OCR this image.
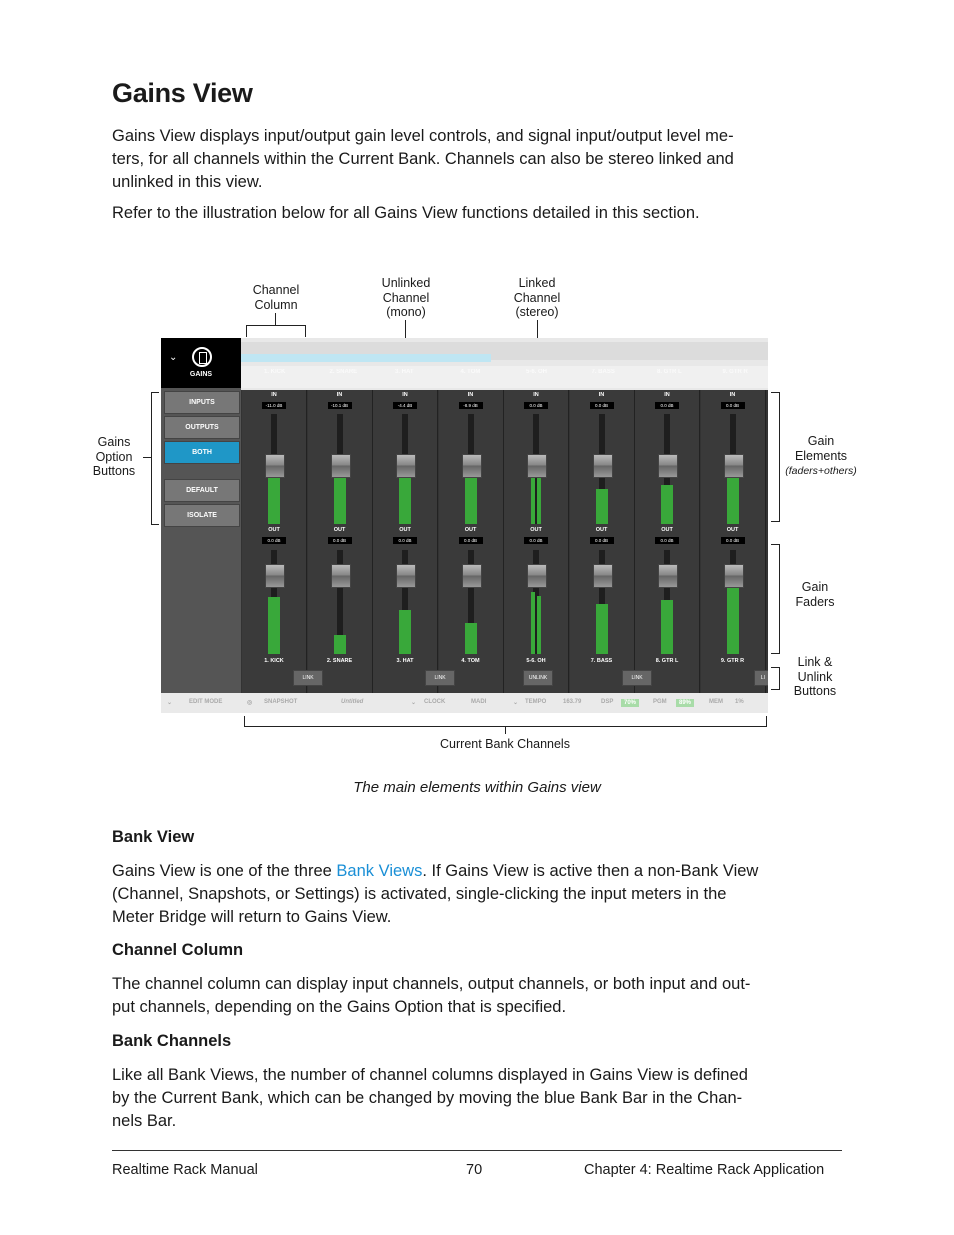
Gains View

Gains View displays input/output gain level controls, and signal input/output level me-
ters, for all channels within the Current Bank. Channels can also be stereo linked and
unlinked in this view.

Refer to the illustration below for all Gains View functions detailed in this section.

Channel
Column
Unlinked
Channel
(mono)
Linked
Channel
(stereo)
Gains
Option
Buttons
Gain
Elements
(faders+others)
Gain
Faders
Link &
Unlink
Buttons
Current Bank Channels
1. KICK	2. SNARE	3. HAT	4. TOM	5-6. OH	7. BASS	8. GTR L	9. GTR R
⌄
GAINS
INPUTS
OUTPUTS
BOTH
DEFAULT
ISOLATE
IN
-11.0 dB
OUT
0.0 dB
1. KICK
IN
-10.1 dB
OUT
0.0 dB
2. SNARE
IN
-4.4 dB
OUT
0.0 dB
3. HAT
IN
-8.9 dB
OUT
0.0 dB
4. TOM
IN
0.0 dB
OUT
0.0 dB
5-6. OH
IN
0.0 dB
OUT
0.0 dB
7. BASS
IN
0.0 dB
OUT
0.0 dB
8. GTR L
IN
0.0 dB
OUT
0.0 dB
9. GTR R
LINK	LINK	UNLINK	LINK	LI
⌄	EDIT MODE	◎ SNAPSHOT	Untitled	⌄ CLOCK	MADI	⌄ TEMPO	163.79	DSP	70%	PGM	89%	MEM 1%
The main elements within Gains view
Bank View

Gains View is one of the three Bank Views. If Gains View is active then a non-Bank View
(Channel, Snapshots, or Settings) is activated, single-clicking the input meters in the
Meter Bridge will return to Gains View.

Channel Column

The channel column can display input channels, output channels, or both input and out-
put channels, depending on the Gains Option that is specified.

Bank Channels

Like all Bank Views, the number of channel columns displayed in Gains View is defined
by the Current Bank, which can be changed by moving the blue Bank Bar in the Chan-
nels Bar.

Realtime Rack Manual	70	Chapter 4: Realtime Rack Application
